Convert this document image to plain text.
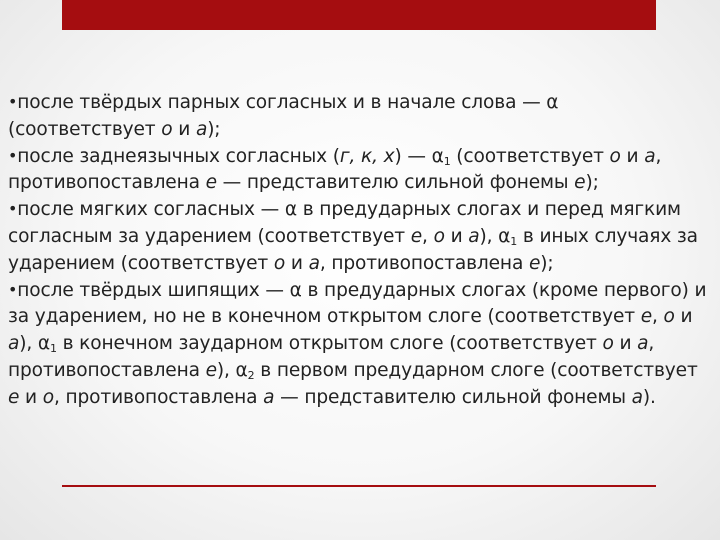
•после твёрдых парных согласных и в начале слова — α (соответствует о и а);

•после заднеязычных согласных (г, к, х) — $\alpha_1$ (соответствует о и а, противопоставлена е — представителю сильной фонемы е);

•после мягких согласных — α в предударных слогах и перед мягким согласным за ударением (соответствует е, о и а), $\alpha_1$ в иных случаях за ударением (соответствует о и а, противопоставлена е);

•после твёрдых шипящих — α в предударных слогах (кроме первого) и за ударением, но не в конечном открытом слоге (соответствует е, о и а), $\alpha_1$ в конечном заударном открытом слоге (соответствует о и а, противопоставлена е), $\alpha_2$ в первом предударном слоге (соответствует е и о, противопоставлена а — представителю сильной фонемы а).
